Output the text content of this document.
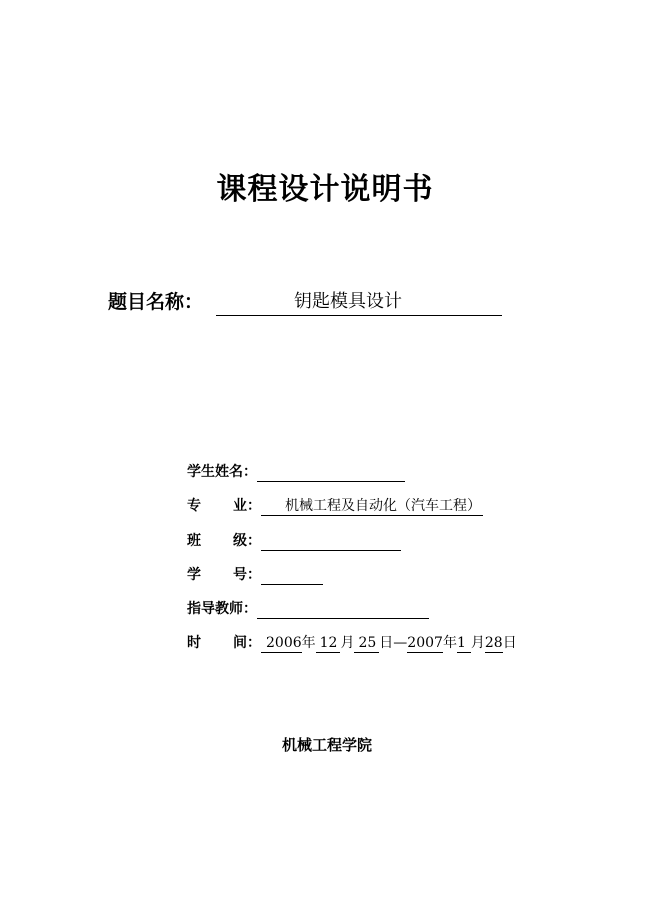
课程设计说明书
题目名称：	钥匙模具设计
学生姓名：
专 业：	机械工程及自动化（汽车工程）
班 级：
学 号：
指导教师：
时 间： 2006年 12 月 25 日—2007年1 月28日
机械工程学院
